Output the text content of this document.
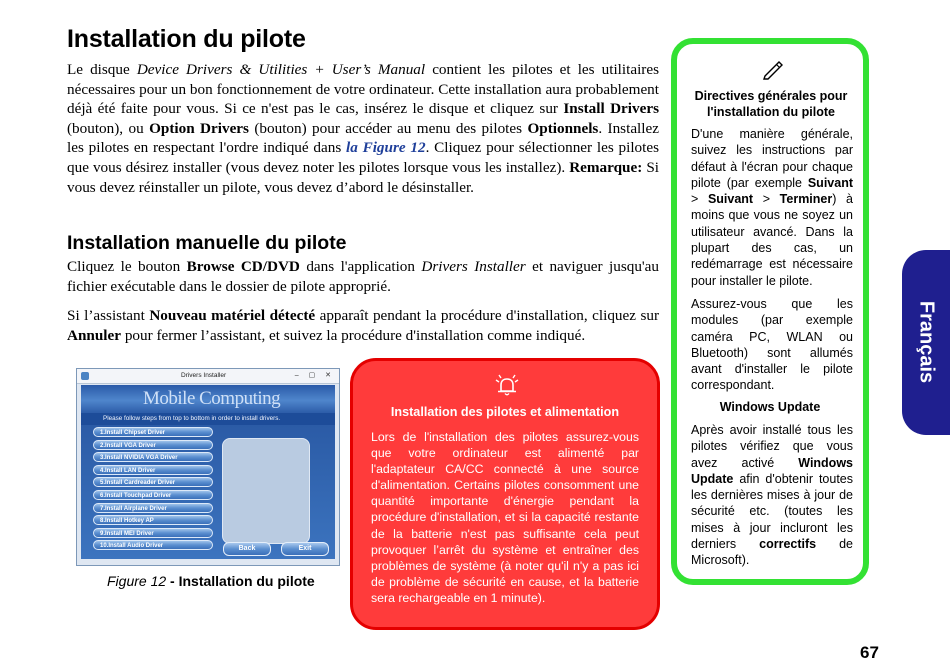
Installation du pilote

Le disque Device Drivers & Utilities + User’s Manual contient les pilotes et les utilitaires nécessaires pour un bon fonctionnement de votre ordinateur. Cette installation aura probablement déjà été faite pour vous. Si ce n'est pas le cas, insérez le disque et cliquez sur Install Drivers (bouton), ou Option Drivers (bouton) pour accéder au menu des pilotes Optionnels. Installez les pilotes en respectant l'ordre indiqué dans la Figure 12. Cliquez pour sélectionner les pilotes que vous désirez installer (vous devez noter les pilotes lorsque vous les installez). Remarque: Si vous devez réinstaller un pilote, vous devez d’abord le désinstaller.

Installation manuelle du pilote

Cliquez le bouton Browse CD/DVD dans l'application Drivers Installer et naviguer jusqu'au fichier exécutable dans le dossier de pilote approprié.

Si l’assistant Nouveau matériel détecté apparaît pendant la procédure d'installation, cliquez sur Annuler pour fermer l’assistant, et suivez la procédure d'installation comme indiqué.

Drivers Installer	– ▢ ✕
Mobile Computing
Please follow steps from top to bottom in order to install drivers.
1.Install Chipset Driver
2.Install VGA Driver
3.Install NVIDIA VGA Driver
4.Install LAN Driver
5.Install Cardreader Driver
6.Install Touchpad Driver
7.Install Airplane Driver
8.Install Hotkey AP
9.Install MEI Driver
10.Install Audio Driver	Back	Exit
Figure 12 - Installation du pilote
Installation des pilotes et alimentation

Lors de l'installation des pilotes assurez-vous que votre ordinateur est alimenté par l'adaptateur CA/CC connecté à une source d'alimentation. Certains pilotes consomment une quantité importante d'énergie pendant la procédure d'installation, et si la capacité restante de la batterie n'est pas suffisante cela peut provoquer l’arrêt du système et entraîner des problèmes de système (à noter qu'il n'y a pas ici de problème de sécurité en cause, et la batterie sera rechargeable en 1 minute).

Directives générales pour l'installation du pilote

D'une manière générale, suivez les instructions par défaut à l'écran pour chaque pilote (par exemple Suivant > Suivant > Terminer) à moins que vous ne soyez un utilisateur avancé. Dans la plupart des cas, un redémarrage est nécessaire pour installer le pilote.

Assurez-vous que les modules (par exemple caméra PC, WLAN ou Bluetooth) sont allumés avant d'installer le pilote correspondant.

Windows Update

Après avoir installé tous les pilotes vérifiez que vous avez activé Windows Update afin d'obtenir toutes les dernières mises à jour de sécurité etc. (toutes les mises à jour incluront les derniers correctifs de Microsoft).

Français
67
